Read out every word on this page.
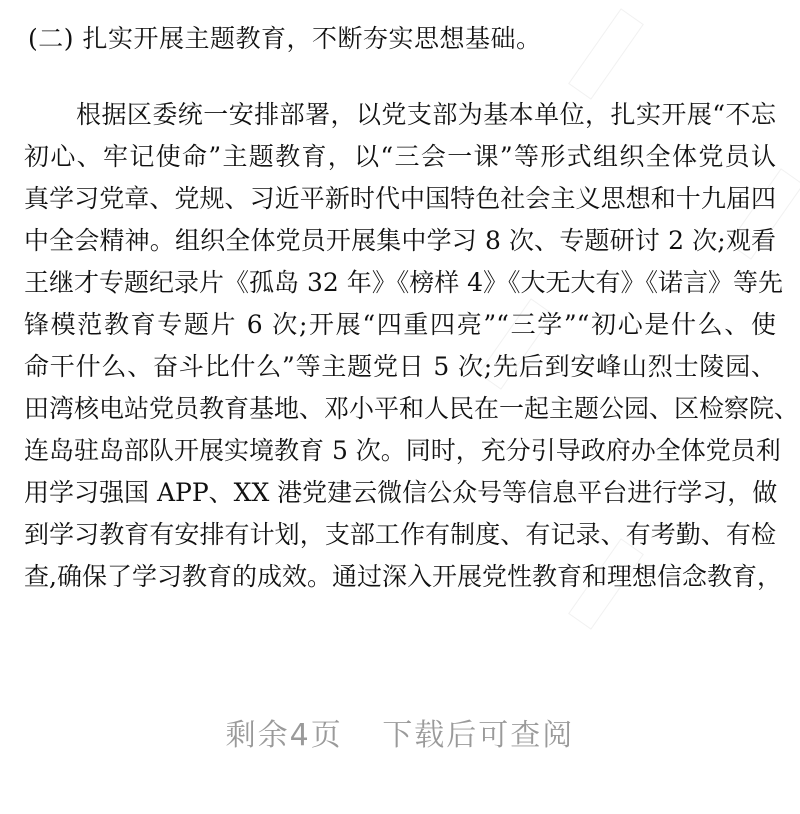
(二) 扎实开展主题教育，不断夯实思想基础。
根据区委统一安排部署，以党支部为基本单位，扎实开展“不忘
初心、牢记使命”主题教育，以“三会一课”等形式组织全体党员认
真学习党章、党规、习近平新时代中国特色社会主义思想和十九届四
中全会精神。组织全体党员开展集中学习 8 次、专题研讨 2 次;观看
王继才专题纪录片《孤岛 32 年》《榜样 4》《大无大有》《诺言》等先
锋模范教育专题片 6 次;开展“四重四亮”“三学”“初心是什么、使
命干什么、奋斗比什么”等主题党日 5 次;先后到安峰山烈士陵园、
田湾核电站党员教育基地、邓小平和人民在一起主题公园、区检察院、
连岛驻岛部队开展实境教育 5 次。同时，充分引导政府办全体党员利
用学习强国 APP、XX 港党建云微信公众号等信息平台进行学习，做
到学习教育有安排有计划，支部工作有制度、有记录、有考勤、有检
查,确保了学习教育的成效。通过深入开展党性教育和理想信念教育，
剩余4页 下载后可查阅
